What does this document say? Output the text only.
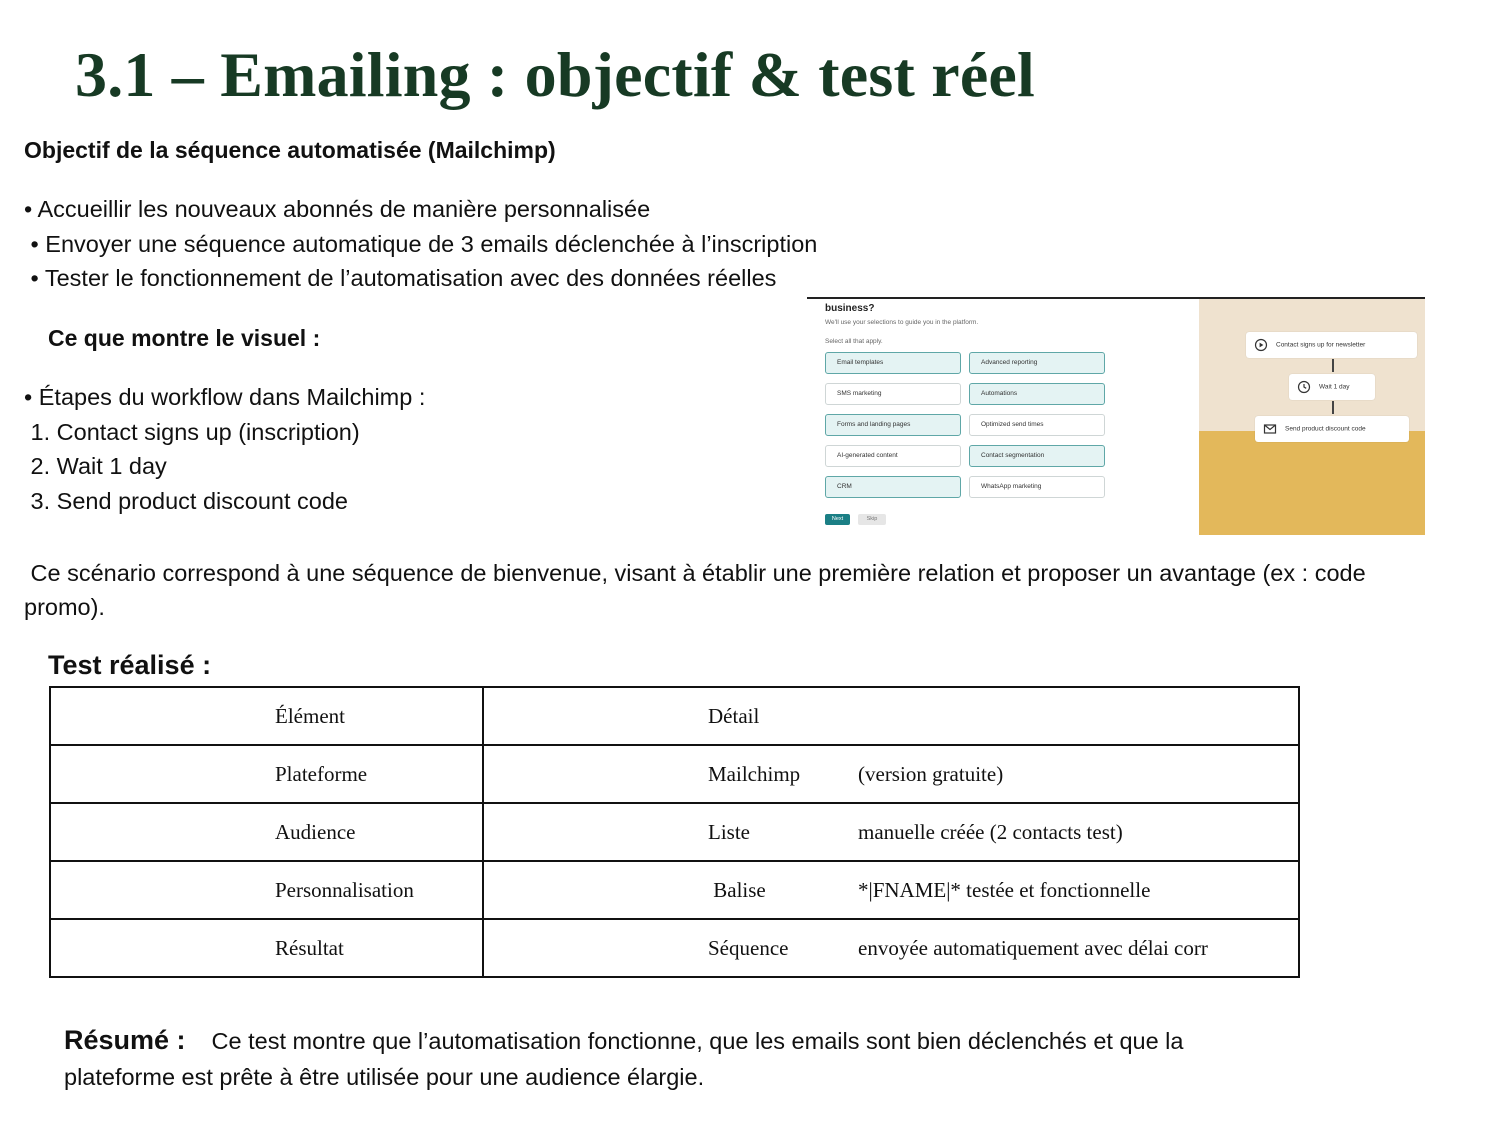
3.1 – Emailing : objectif & test réel
Objectif de la séquence automatisée (Mailchimp)
• Accueillir les nouveaux abonnés de manière personnalisée
• Envoyer une séquence automatique de 3 emails déclenchée à l’inscription
• Tester le fonctionnement de l’automatisation avec des données réelles
Ce que montre le visuel :
• Étapes du workflow dans Mailchimp :
1. Contact signs up (inscription)
2. Wait 1 day
3. Send product discount code
business?
We'll use your selections to guide you in the platform.
Select all that apply.
Email templates	Advanced reporting
SMS marketing	Automations
Forms and landing pages	Optimized send times
AI-generated content	Contact segmentation
CRM	WhatsApp marketing
Next	Skip
Contact signs up for newsletter
Wait 1 day
Send product discount code
Ce scénario correspond à une séquence de bienvenue, visant à établir une première relation et proposer un avantage (ex : code promo).
Test réalisé :
Élément	Détail
Plateforme	Mailchimp (version gratuite)
Audience	Liste manuelle créée (2 contacts test)
Personnalisation	Balise *|FNAME|* testée et fonctionnelle
Résultat	Séquence envoyée automatiquement avec délai corr
Résumé : Ce test montre que l’automatisation fonctionne, que les emails sont bien déclenchés et que la plateforme est prête à être utilisée pour une audience élargie.
